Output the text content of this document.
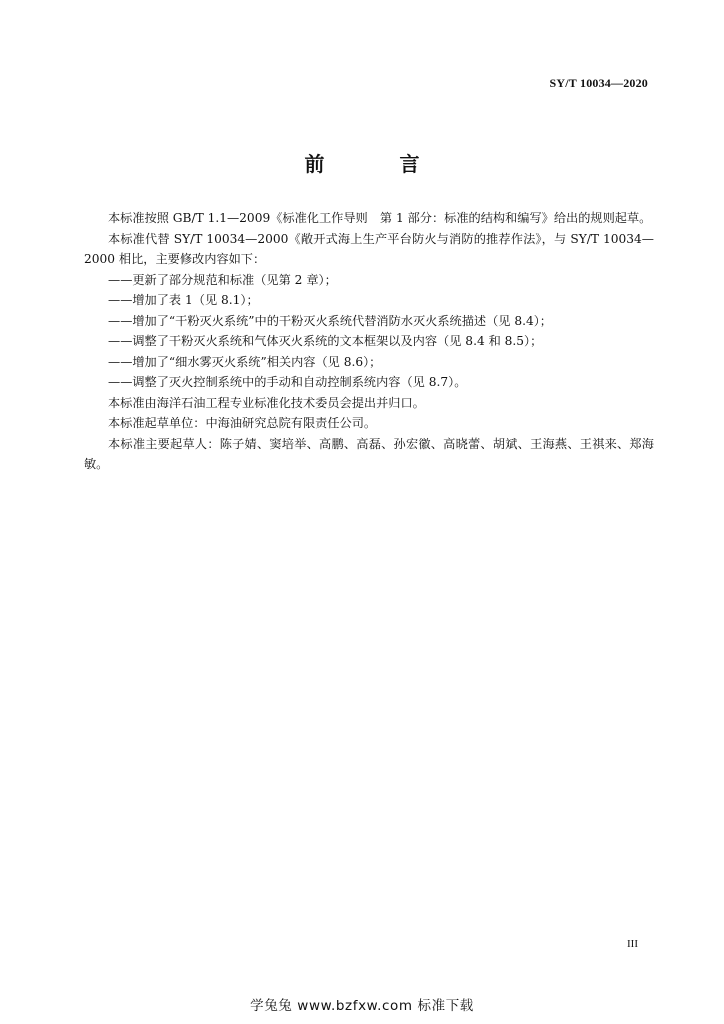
SY/T 10034—2020
前 言

本标准按照 GB/T 1.1—2009《标准化工作导则　第 1 部分：标准的结构和编写》给出的规则起草。

本标准代替 SY/T 10034—2000《敞开式海上生产平台防火与消防的推荐作法》，与 SY/T 10034—2000 相比，主要修改内容如下：

——更新了部分规范和标准（见第 2 章）；

——增加了表 1（见 8.1）；

——增加了“干粉灭火系统”中的干粉灭火系统代替消防水灭火系统描述（见 8.4）；

——调整了干粉灭火系统和气体灭火系统的文本框架以及内容（见 8.4 和 8.5）；

——增加了“细水雾灭火系统”相关内容（见 8.6）；

——调整了灭火控制系统中的手动和自动控制系统内容（见 8.7）。

本标准由海洋石油工程专业标准化技术委员会提出并归口。

本标准起草单位：中海油研究总院有限责任公司。

本标准主要起草人：陈子婧、窦培举、高鹏、高磊、孙宏徽、高晓蕾、胡斌、王海燕、王祺来、郑海敏。

III
学兔兔 www.bzfxw.com 标准下载
